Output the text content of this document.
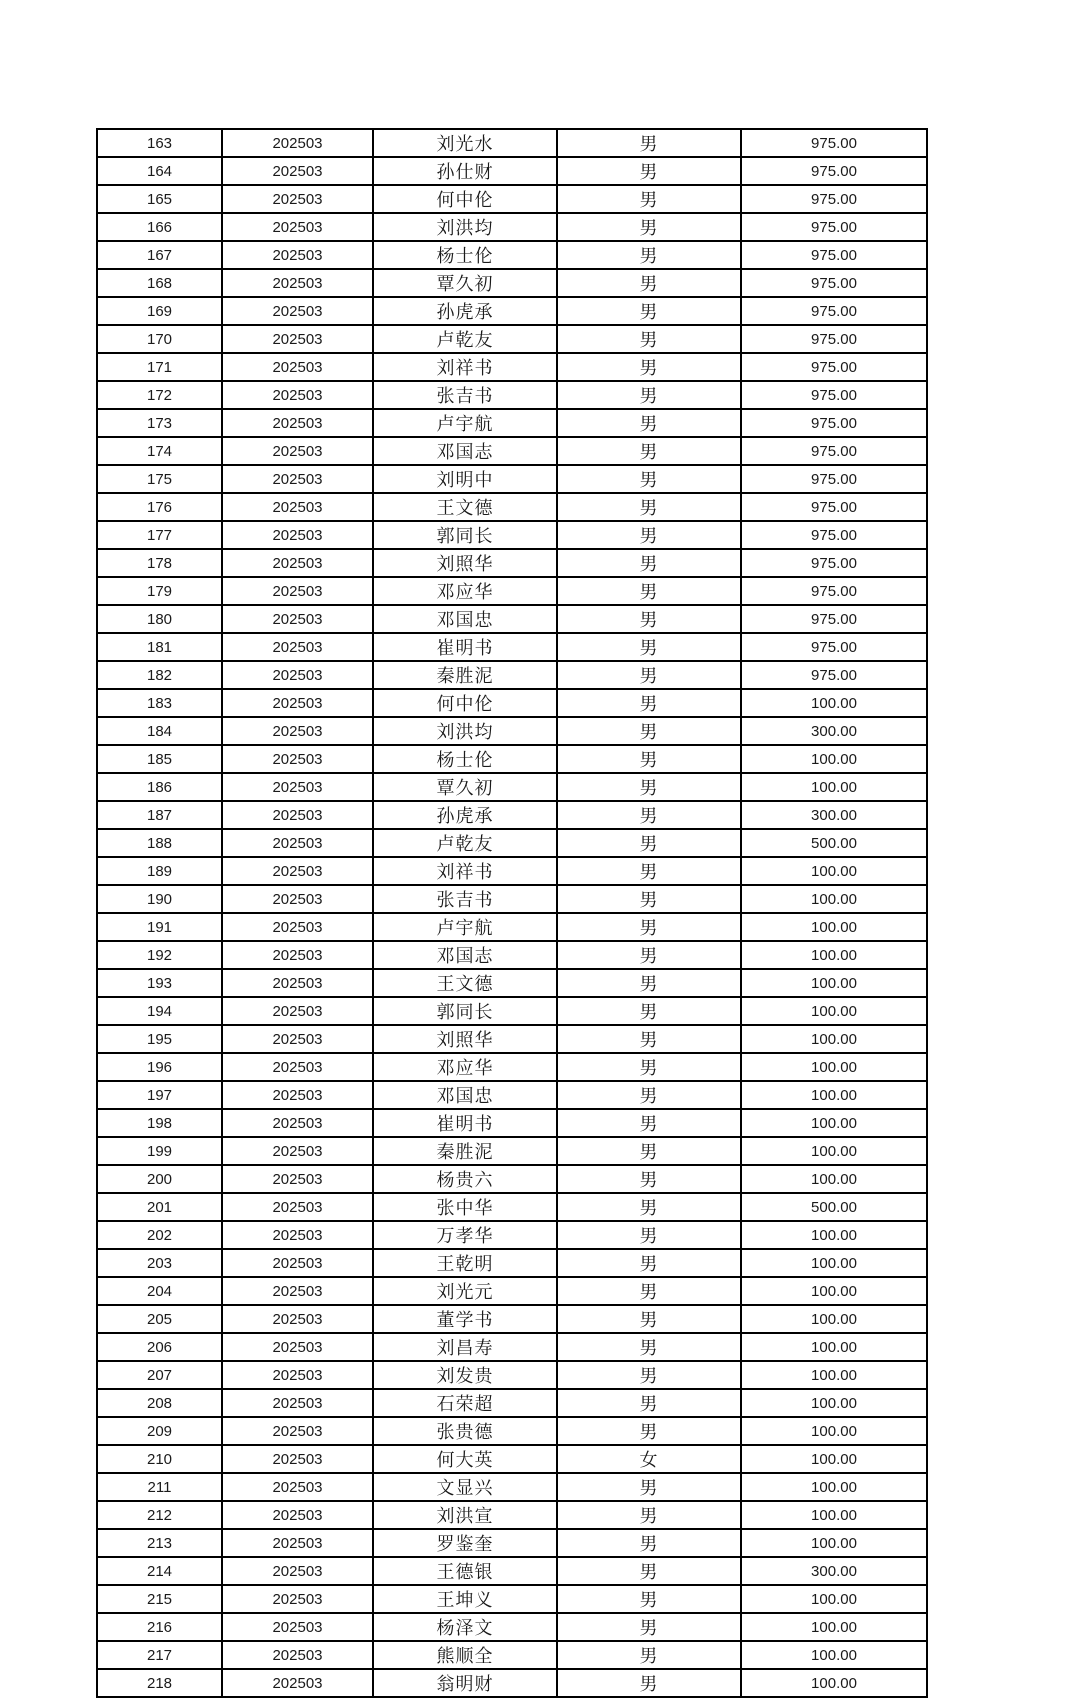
163	202503	刘光水	男	975.00
164	202503	孙仕财	男	975.00
165	202503	何中伦	男	975.00
166	202503	刘洪均	男	975.00
167	202503	杨士伦	男	975.00
168	202503	覃久初	男	975.00
169	202503	孙虎承	男	975.00
170	202503	卢乾友	男	975.00
171	202503	刘祥书	男	975.00
172	202503	张吉书	男	975.00
173	202503	卢宇航	男	975.00
174	202503	邓国志	男	975.00
175	202503	刘明中	男	975.00
176	202503	王文德	男	975.00
177	202503	郭同长	男	975.00
178	202503	刘照华	男	975.00
179	202503	邓应华	男	975.00
180	202503	邓国忠	男	975.00
181	202503	崔明书	男	975.00
182	202503	秦胜泥	男	975.00
183	202503	何中伦	男	100.00
184	202503	刘洪均	男	300.00
185	202503	杨士伦	男	100.00
186	202503	覃久初	男	100.00
187	202503	孙虎承	男	300.00
188	202503	卢乾友	男	500.00
189	202503	刘祥书	男	100.00
190	202503	张吉书	男	100.00
191	202503	卢宇航	男	100.00
192	202503	邓国志	男	100.00
193	202503	王文德	男	100.00
194	202503	郭同长	男	100.00
195	202503	刘照华	男	100.00
196	202503	邓应华	男	100.00
197	202503	邓国忠	男	100.00
198	202503	崔明书	男	100.00
199	202503	秦胜泥	男	100.00
200	202503	杨贵六	男	100.00
201	202503	张中华	男	500.00
202	202503	万孝华	男	100.00
203	202503	王乾明	男	100.00
204	202503	刘光元	男	100.00
205	202503	董学书	男	100.00
206	202503	刘昌寿	男	100.00
207	202503	刘发贵	男	100.00
208	202503	石荣超	男	100.00
209	202503	张贵德	男	100.00
210	202503	何大英	女	100.00
211	202503	文显兴	男	100.00
212	202503	刘洪宣	男	100.00
213	202503	罗鉴奎	男	100.00
214	202503	王德银	男	300.00
215	202503	王坤义	男	100.00
216	202503	杨泽文	男	100.00
217	202503	熊顺全	男	100.00
218	202503	翁明财	男	100.00
